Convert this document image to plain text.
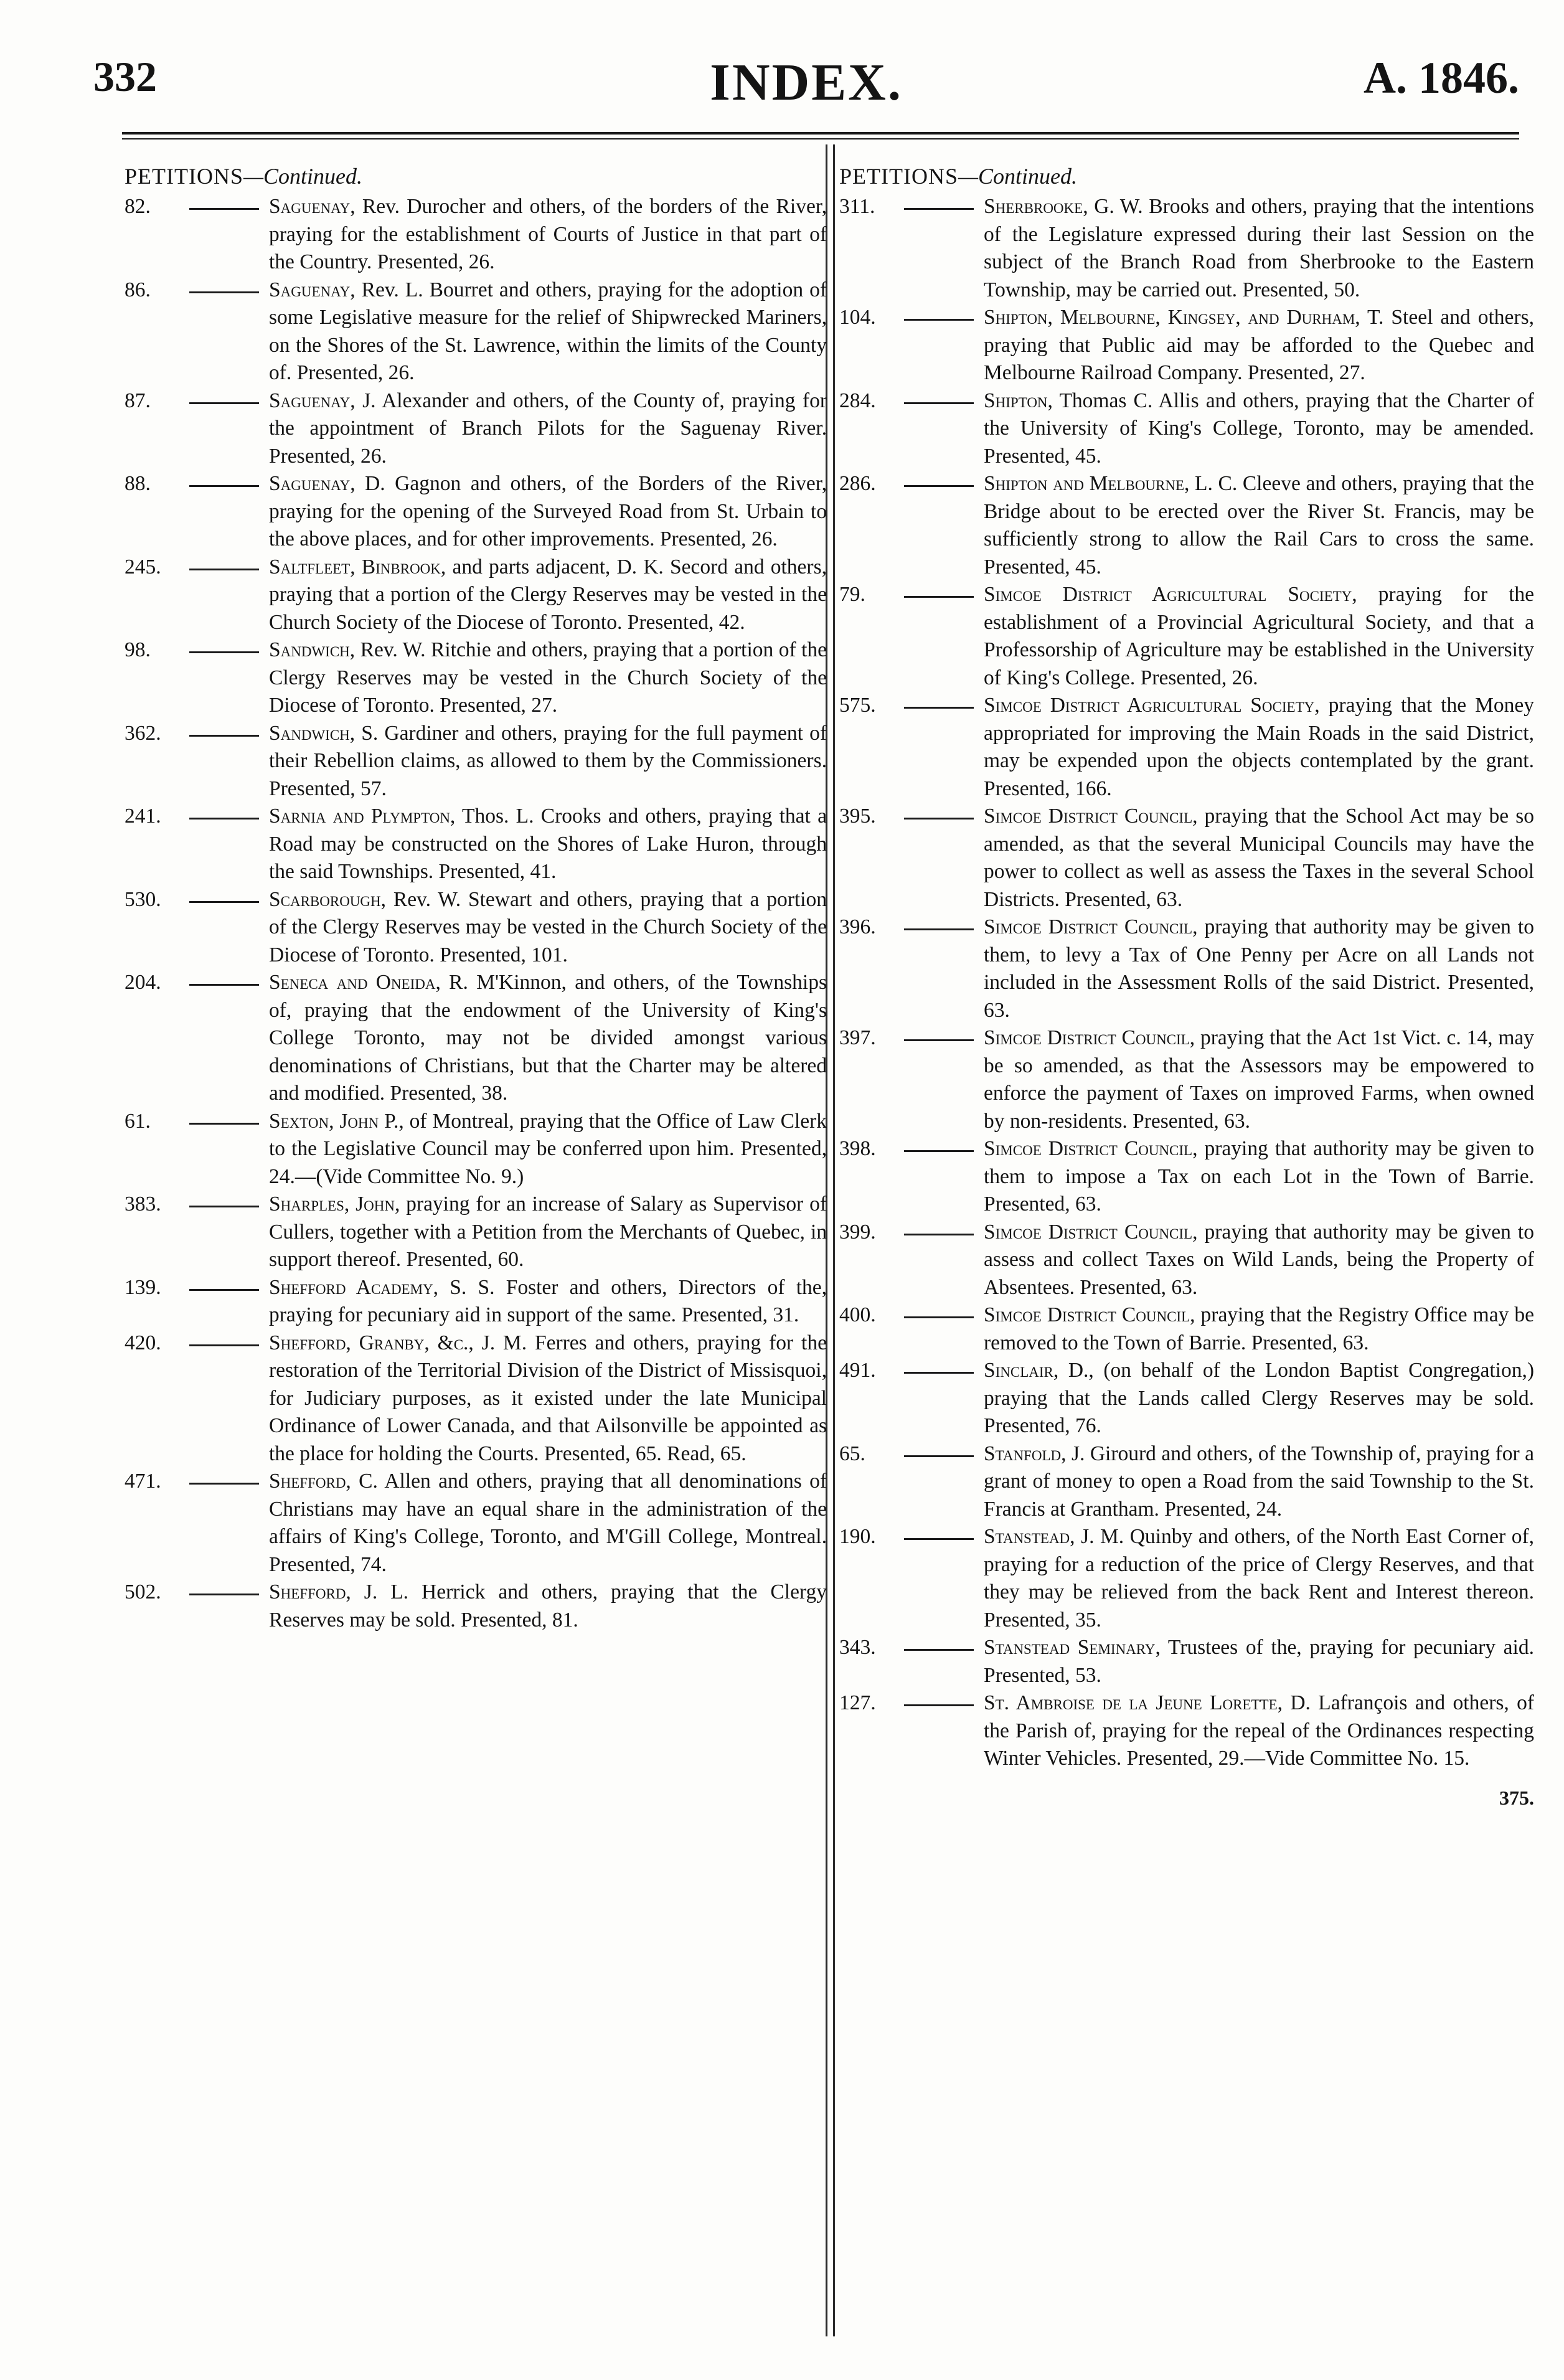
332	INDEX.	A. 1846.
PETITIONS—Continued.
82.	Saguenay, Rev. Durocher and others, of the borders of the River, praying for the establishment of Courts of Justice in that part of the Country. Presented, 26.
86.	Saguenay, Rev. L. Bourret and others, praying for the adoption of some Legislative measure for the relief of Shipwrecked Mariners, on the Shores of the St. Lawrence, within the limits of the County of. Presented, 26.
87.	Saguenay, J. Alexander and others, of the County of, praying for the appointment of Branch Pilots for the Saguenay River. Presented, 26.
88.	Saguenay, D. Gagnon and others, of the Borders of the River, praying for the opening of the Surveyed Road from St. Urbain to the above places, and for other improvements. Presented, 26.
245.	Saltfleet, Binbrook, and parts adjacent, D. K. Secord and others, praying that a portion of the Clergy Reserves may be vested in the Church Society of the Diocese of Toronto. Presented, 42.
98.	Sandwich, Rev. W. Ritchie and others, praying that a portion of the Clergy Reserves may be vested in the Church Society of the Diocese of Toronto. Presented, 27.
362.	Sandwich, S. Gardiner and others, praying for the full payment of their Rebellion claims, as allowed to them by the Commissioners. Presented, 57.
241.	Sarnia and Plympton, Thos. L. Crooks and others, praying that a Road may be constructed on the Shores of Lake Huron, through the said Townships. Presented, 41.
530.	Scarborough, Rev. W. Stewart and others, praying that a portion of the Clergy Reserves may be vested in the Church Society of the Diocese of Toronto. Presented, 101.
204.	Seneca and Oneida, R. M'Kinnon, and others, of the Townships of, praying that the endowment of the University of King's College Toronto, may not be divided amongst various denominations of Christians, but that the Charter may be altered and modified. Presented, 38.
61.	Sexton, John P., of Montreal, praying that the Office of Law Clerk to the Legislative Council may be conferred upon him. Presented, 24.—(Vide Committee No. 9.)
383.	Sharples, John, praying for an increase of Salary as Supervisor of Cullers, together with a Petition from the Merchants of Quebec, in support thereof. Presented, 60.
139.	Shefford Academy, S. S. Foster and others, Directors of the, praying for pecuniary aid in support of the same. Presented, 31.
420.	Shefford, Granby, &c., J. M. Ferres and others, praying for the restoration of the Territorial Division of the District of Missisquoi, for Judiciary purposes, as it existed under the late Municipal Ordinance of Lower Canada, and that Ailsonville be appointed as the place for holding the Courts. Presented, 65. Read, 65.
471.	Shefford, C. Allen and others, praying that all denominations of Christians may have an equal share in the administration of the affairs of King's College, Toronto, and M'Gill College, Montreal. Presented, 74.
502.	Shefford, J. L. Herrick and others, praying that the Clergy Reserves may be sold. Presented, 81.
PETITIONS—Continued.
311.	Sherbrooke, G. W. Brooks and others, praying that the intentions of the Legislature expressed during their last Session on the subject of the Branch Road from Sherbrooke to the Eastern Township, may be carried out. Presented, 50.
104.	Shipton, Melbourne, Kingsey, and Durham, T. Steel and others, praying that Public aid may be afforded to the Quebec and Melbourne Railroad Company. Presented, 27.
284.	Shipton, Thomas C. Allis and others, praying that the Charter of the University of King's College, Toronto, may be amended. Presented, 45.
286.	Shipton and Melbourne, L. C. Cleeve and others, praying that the Bridge about to be erected over the River St. Francis, may be sufficiently strong to allow the Rail Cars to cross the same. Presented, 45.
79.	Simcoe District Agricultural Society, praying for the establishment of a Provincial Agricultural Society, and that a Professorship of Agriculture may be established in the University of King's College. Presented, 26.
575.	Simcoe District Agricultural Society, praying that the Money appropriated for improving the Main Roads in the said District, may be expended upon the objects contemplated by the grant. Presented, 166.
395.	Simcoe District Council, praying that the School Act may be so amended, as that the several Municipal Councils may have the power to collect as well as assess the Taxes in the several School Districts. Presented, 63.
396.	Simcoe District Council, praying that authority may be given to them, to levy a Tax of One Penny per Acre on all Lands not included in the Assessment Rolls of the said District. Presented, 63.
397.	Simcoe District Council, praying that the Act 1st Vict. c. 14, may be so amended, as that the Assessors may be empowered to enforce the payment of Taxes on improved Farms, when owned by non-residents. Presented, 63.
398.	Simcoe District Council, praying that authority may be given to them to impose a Tax on each Lot in the Town of Barrie. Presented, 63.
399.	Simcoe District Council, praying that authority may be given to assess and collect Taxes on Wild Lands, being the Property of Absentees. Presented, 63.
400.	Simcoe District Council, praying that the Registry Office may be removed to the Town of Barrie. Presented, 63.
491.	Sinclair, D., (on behalf of the London Baptist Congregation,) praying that the Lands called Clergy Reserves may be sold. Presented, 76.
65.	Stanfold, J. Girourd and others, of the Township of, praying for a grant of money to open a Road from the said Township to the St. Francis at Grantham. Presented, 24.
190.	Stanstead, J. M. Quinby and others, of the North East Corner of, praying for a reduction of the price of Clergy Reserves, and that they may be relieved from the back Rent and Interest thereon. Presented, 35.
343.	Stanstead Seminary, Trustees of the, praying for pecuniary aid. Presented, 53.
127.	St. Ambroise de la Jeune Lorette, D. Lafrançois and others, of the Parish of, praying for the repeal of the Ordinances respecting Winter Vehicles. Presented, 29.—Vide Committee No. 15.
375.
